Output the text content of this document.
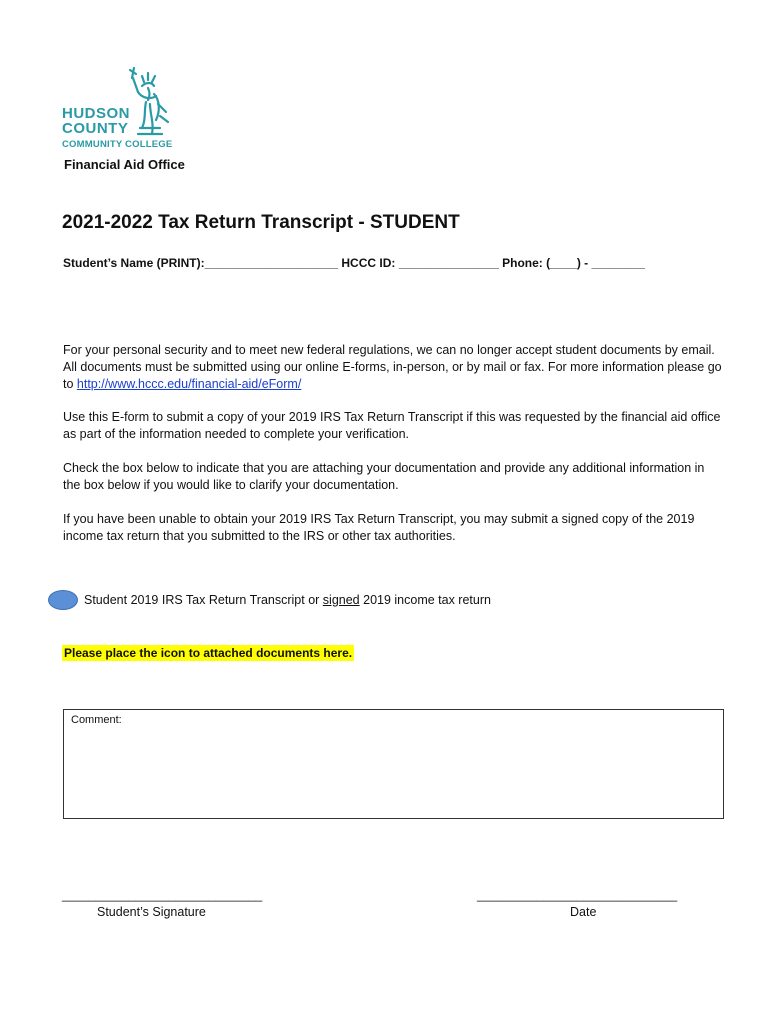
HUDSON
COUNTY
COMMUNITY COLLEGE
Financial Aid Office
2021-2022 Tax Return Transcript - STUDENT
Student’s Name (PRINT):____________________ HCCC ID: _______________ Phone: (____) - ________

For your personal security and to meet new federal regulations, we can no longer accept student documents by email. All documents must be submitted using our online E-forms, in-person, or by mail or fax. For more information please go to http://www.hccc.edu/financial-aid/eForm/

Use this E-form to submit a copy of your 2019 IRS Tax Return Transcript if this was requested by the financial aid office as part of the information needed to complete your verification.

Check the box below to indicate that you are attaching your documentation and provide any additional information in the box below if you would like to clarify your documentation.

If you have been unable to obtain your 2019 IRS Tax Return Transcript, you may submit a signed copy of the 2019 income tax return that you submitted to the IRS or other tax authorities.

Student 2019 IRS Tax Return Transcript or signed 2019 income tax return
Please place the icon to attached documents here.
Comment:
______________________________	______________________________
Student’s Signature	Date
